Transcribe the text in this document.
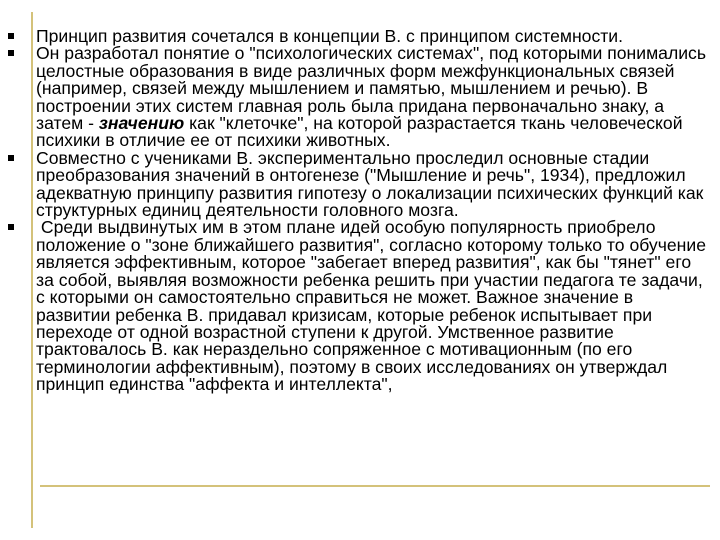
Принцип развития сочетался в концепции В. с принципом системности.
Он разработал понятие о "психологических системах", под которыми понимались целостные образования в виде различных форм межфункциональных связей (например, связей между мышлением и памятью, мышлением и речью). В построении этих систем главная роль была придана первоначально знаку, а затем - значению как "клеточке", на которой разрастается ткань человеческой психики в отличие ее от психики животных.
Совместно с учениками В. экспериментально проследил основные стадии преобразования значений в онтогенезе ("Мышление и речь", 1934), предложил адекватную принципу развития гипотезу о локализации психических функций как структурных единиц деятельности головного мозга.
Среди выдвинутых им в этом плане идей особую популярность приобрело положение о "зоне ближайшего развития", согласно которому только то обучение является эффективным, которое "забегает вперед развития", как бы "тянет" его за собой, выявляя возможности ребенка решить при участии педагога те задачи, с которыми он самостоятельно справиться не может. Важное значение в развитии ребенка В. придавал кризисам, которые ребенок испытывает при переходе от одной возрастной ступени к другой. Умственное развитие трактовалось В. как нераздельно сопряженное с мотивационным (по его терминологии аффективным), поэтому в своих исследованиях он утверждал принцип единства "аффекта и интеллекта",
